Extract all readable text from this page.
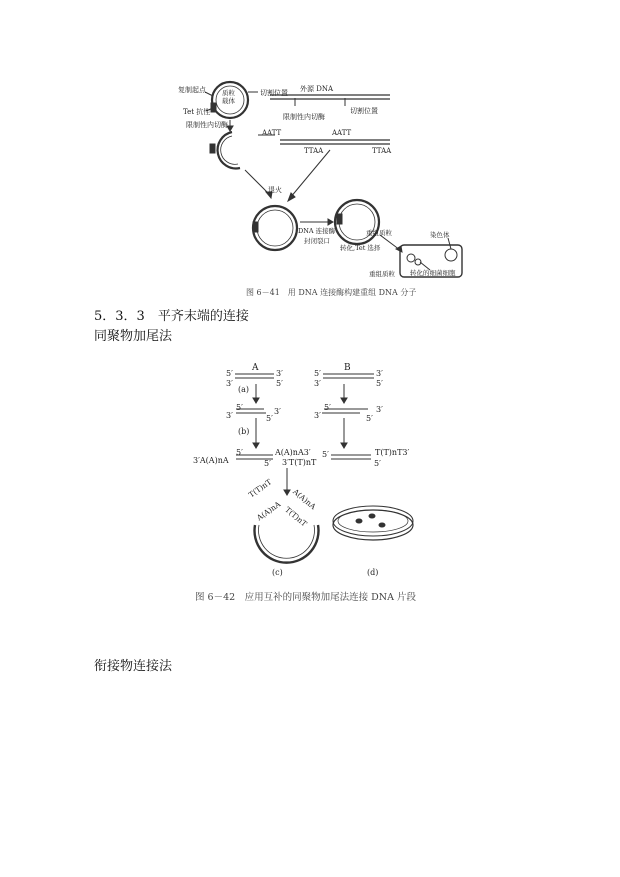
复制起点 质粒载体
切割位置
Tet 抗性
限制性内切酶
外源 DNA
切割位置
限制性内切酶
AATT	AATT
TTAA	TTAA
退火
DNA 连接酶
封闭裂口
重组质粒
转化,Tet 选择
染色体
重组质粒 转化的细菌细胞
图 6－41　用 DNA 连接酶构建重组 DNA 分子
5．3．3　平齐末端的连接
同聚物加尾法
A	B
5′	3′
3′	5′
5′	3′
3′	5′
(a)
5′
3′	3′
5′
5′
3′
3′
5′
(b)
5′	A(A)nA3′
3′A(A)nA	5′ 3′T(T)nT
5′	T(T)nT3′
5′
T(T)nT
A(A)nA A(A)nA
T(T)nT
(c)	(d)
图 6－42　应用互补的同聚物加尾法连接 DNA 片段
衔接物连接法
